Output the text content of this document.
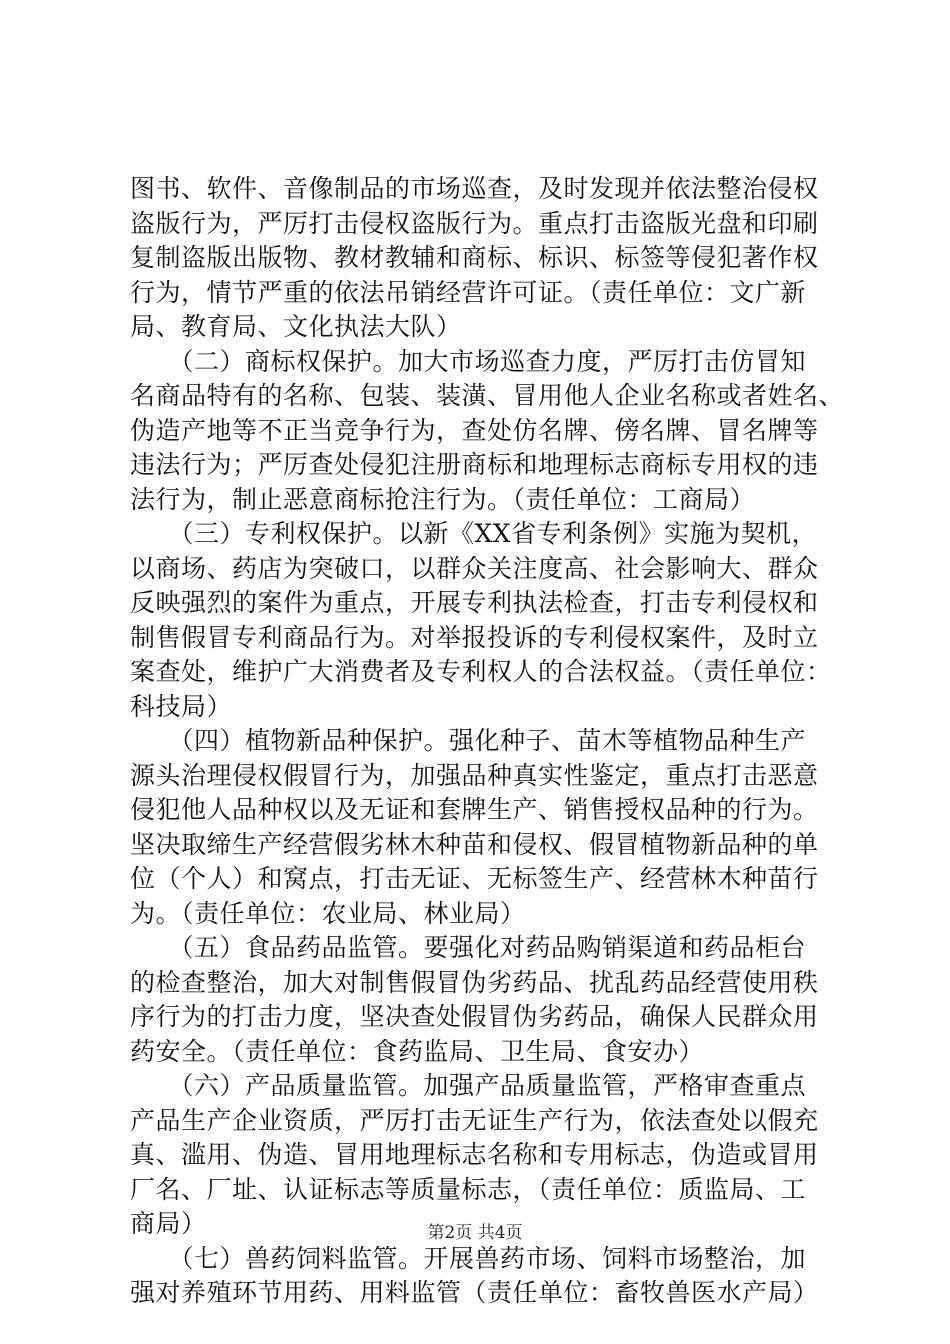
图书、软件、音像制品的市场巡查，及时发现并依法整治侵权
盗版行为，严厉打击侵权盗版行为。重点打击盗版光盘和印刷
复制盗版出版物、教材教辅和商标、标识、标签等侵犯著作权
行为，情节严重的依法吊销经营许可证。（责任单位：文广新
局、教育局、文化执法大队）
　　（二）商标权保护。加大市场巡查力度，严厉打击仿冒知
名商品特有的名称、包装、装潢、冒用他人企业名称或者姓名、
伪造产地等不正当竞争行为，查处仿名牌、傍名牌、冒名牌等
违法行为；严厉查处侵犯注册商标和地理标志商标专用权的违
法行为，制止恶意商标抢注行为。（责任单位：工商局）
　　（三）专利权保护。以新《XX省专利条例》实施为契机，
以商场、药店为突破口，以群众关注度高、社会影响大、群众
反映强烈的案件为重点，开展专利执法检查，打击专利侵权和
制售假冒专利商品行为。对举报投诉的专利侵权案件，及时立
案查处，维护广大消费者及专利权人的合法权益。（责任单位：
科技局）
　　（四）植物新品种保护。强化种子、苗木等植物品种生产
源头治理侵权假冒行为，加强品种真实性鉴定，重点打击恶意
侵犯他人品种权以及无证和套牌生产、销售授权品种的行为。
坚决取缔生产经营假劣林木种苗和侵权、假冒植物新品种的单
位（个人）和窝点，打击无证、无标签生产、经营林木种苗行
为。（责任单位：农业局、林业局）
　　（五）食品药品监管。要强化对药品购销渠道和药品柜台
的检查整治，加大对制售假冒伪劣药品、扰乱药品经营使用秩
序行为的打击力度，坚决查处假冒伪劣药品，确保人民群众用
药安全。（责任单位：食药监局、卫生局、食安办）
　　（六）产品质量监管。加强产品质量监管，严格审查重点
产品生产企业资质，严厉打击无证生产行为，依法查处以假充
真、滥用、伪造、冒用地理标志名称和专用标志，伪造或冒用
厂名、厂址、认证标志等质量标志，（责任单位：质监局、工
商局）
　　（七）兽药饲料监管。开展兽药市场、饲料市场整治，加
强对养殖环节用药、用料监管（责任单位：畜牧兽医水产局）
第2页 共4页
